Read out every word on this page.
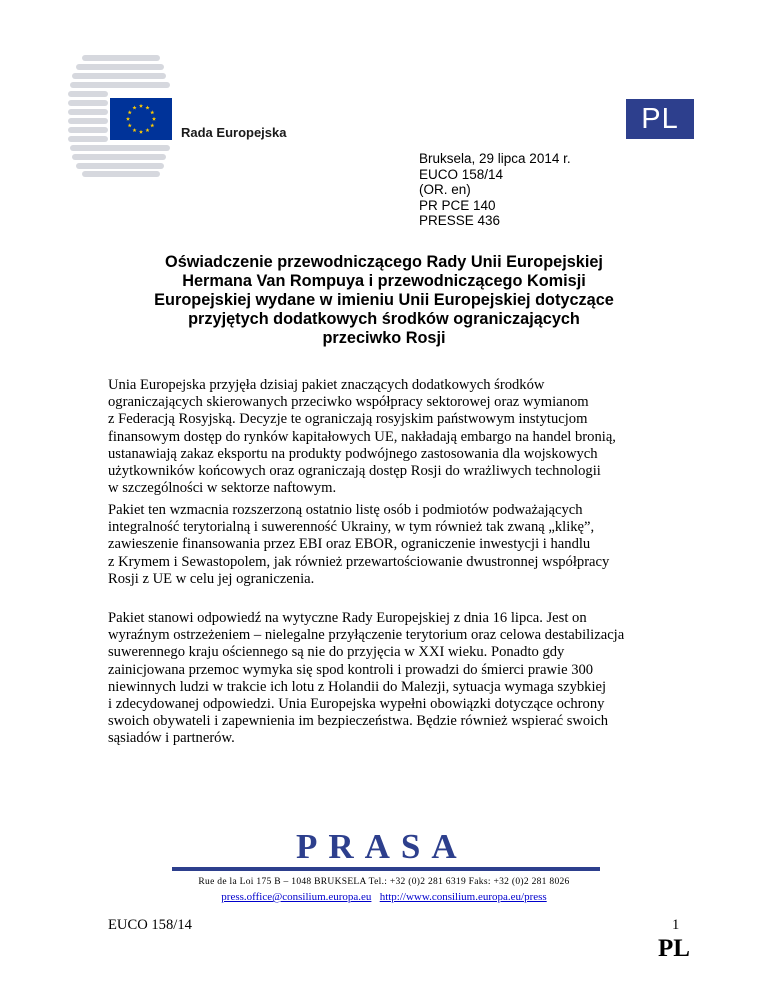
Rada Europejska	PL
Bruksela, 29 lipca 2014 r.
EUCO 158/14
(OR. en)
PR PCE 140
PRESSE 436
Oświadczenie przewodniczącego Rady Unii Europejskiej
Hermana Van Rompuya i przewodniczącego Komisji
Europejskiej wydane w imieniu Unii Europejskiej dotyczące
przyjętych dodatkowych środków ograniczających
przeciwko Rosji
Unia Europejska przyjęła dzisiaj pakiet znaczących dodatkowych środków
ograniczających skierowanych przeciwko współpracy sektorowej oraz wymianom
z Federacją Rosyjską. Decyzje te ograniczają rosyjskim państwowym instytucjom
finansowym dostęp do rynków kapitałowych UE, nakładają embargo na handel bronią,
ustanawiają zakaz eksportu na produkty podwójnego zastosowania dla wojskowych
użytkowników końcowych oraz ograniczają dostęp Rosji do wrażliwych technologii
w szczególności w sektorze naftowym.
Pakiet ten wzmacnia rozszerzoną ostatnio listę osób i podmiotów podważających
integralność terytorialną i suwerenność Ukrainy, w tym również tak zwaną „klikę”,
zawieszenie finansowania przez EBI oraz EBOR, ograniczenie inwestycji i handlu
z Krymem i Sewastopolem, jak również przewartościowanie dwustronnej współpracy
Rosji z UE w celu jej ograniczenia.
Pakiet stanowi odpowiedź na wytyczne Rady Europejskiej z dnia 16 lipca. Jest on
wyraźnym ostrzeżeniem – nielegalne przyłączenie terytorium oraz celowa destabilizacja
suwerennego kraju ościennego są nie do przyjęcia w XXI wieku. Ponadto gdy
zainicjowana przemoc wymyka się spod kontroli i prowadzi do śmierci prawie 300
niewinnych ludzi w trakcie ich lotu z Holandii do Malezji, sytuacja wymaga szybkiej
i zdecydowanej odpowiedzi. Unia Europejska wypełni obowiązki dotyczące ochrony
swoich obywateli i zapewnienia im bezpieczeństwa. Będzie również wspierać swoich
sąsiadów i partnerów.
PRASA
Rue de la Loi 175 B – 1048 BRUKSELA Tel.: +32 (0)2 281 6319 Faks: +32 (0)2 281 8026
press.office@consilium.europa.eu http://www.consilium.europa.eu/press
EUCO 158/14	1
PL
